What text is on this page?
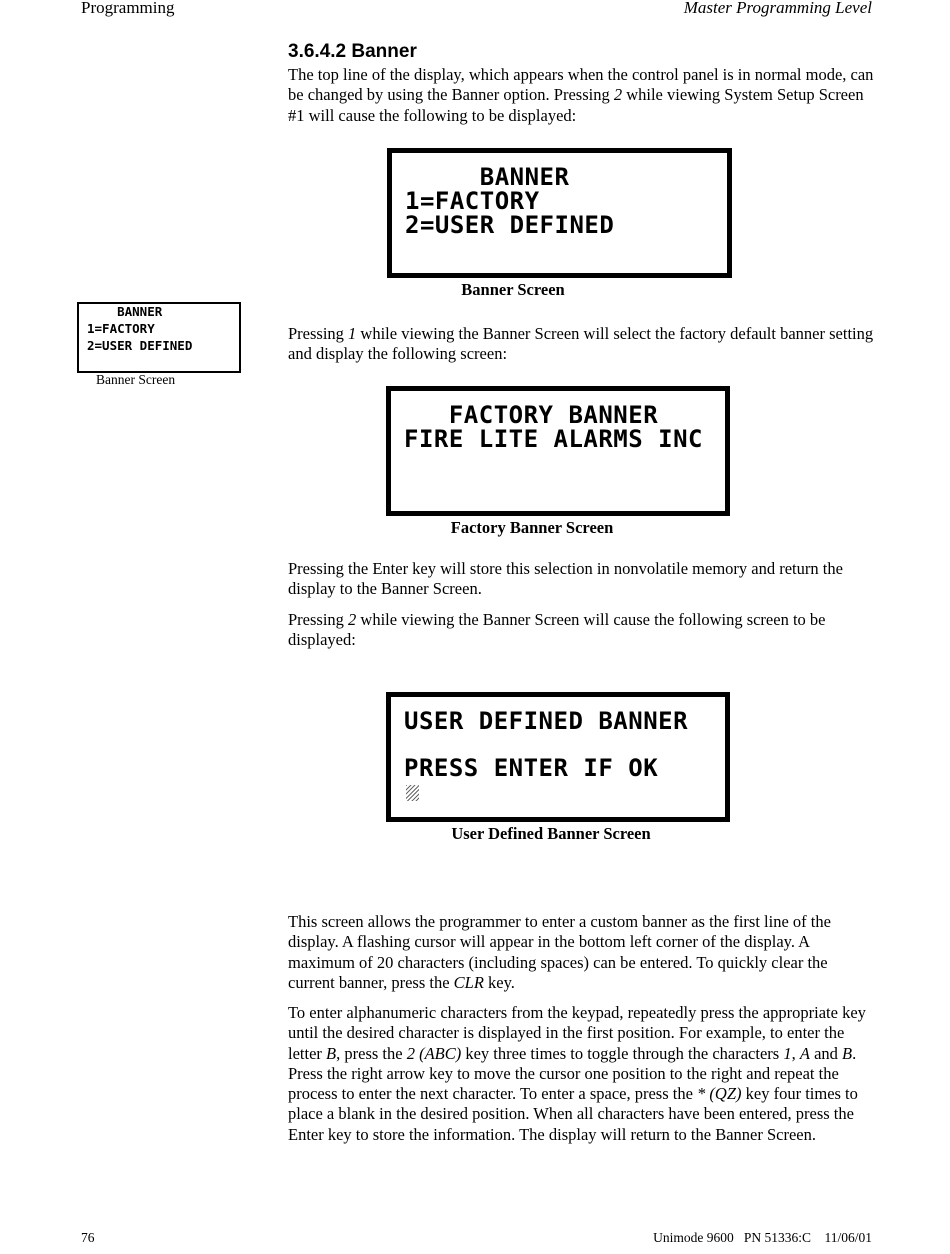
Programming	Master Programming Level
3.6.4.2 Banner
The top line of the display, which appears when the control panel is in normal mode, can be changed by using the Banner option. Pressing 2 while viewing System Setup Screen #1 will cause the following to be displayed:

BANNER

1=FACTORY

2=USER DEFINED

Banner Screen

BANNER

1=FACTORY

2=USER DEFINED

Banner Screen
Pressing 1 while viewing the Banner Screen will select the factory default banner setting and display the following screen:

FACTORY BANNER

FIRE LITE ALARMS INC

Factory Banner Screen
Pressing the Enter key will store this selection in nonvolatile memory and return the display to the Banner Screen.
Pressing 2 while viewing the Banner Screen will cause the following screen to be displayed:

USER DEFINED BANNER

PRESS ENTER IF OK

User Defined Banner Screen
This screen allows the programmer to enter a custom banner as the first line of the display. A flashing cursor will appear in the bottom left corner of the display. A maximum of 20 characters (including spaces) can be entered. To quickly clear the current banner, press the CLR key.
To enter alphanumeric characters from the keypad, repeatedly press the appropriate key until the desired character is displayed in the first position. For example, to enter the letter B, press the 2 (ABC) key three times to toggle through the characters 1, A and B. Press the right arrow key to move the cursor one position to the right and repeat the process to enter the next character. To enter a space, press the * (QZ) key four times to place a blank in the desired position. When all characters have been entered, press the Enter key to store the information. The display will return to the Banner Screen.
76	Unimode 9600   PN 51336:C    11/06/01
